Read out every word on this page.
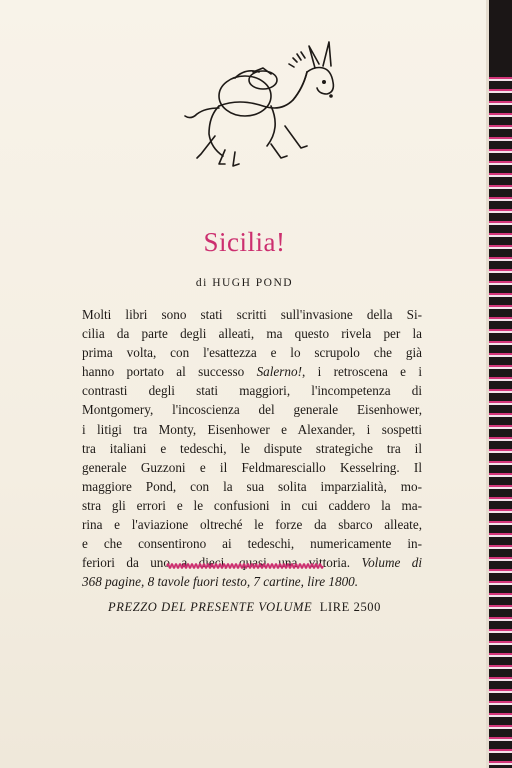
Sicilia!
di HUGH POND
Molti libri sono stati scritti sull'invasione della Si-
cilia da parte degli alleati, ma questo rivela per la
prima volta, con l'esattezza e lo scrupolo che già
hanno portato al successo Salerno!, i retroscena e i
contrasti degli stati maggiori, l'incompetenza di
Montgomery, l'incoscienza del generale Eisenhower,
i litigi tra Monty, Eisenhower e Alexander, i sospetti
tra italiani e tedeschi, le dispute strategiche tra il
generale Guzzoni e il Feldmaresciallo Kesselring. Il
maggiore Pond, con la sua solita imparzialità, mo-
stra gli errori e le confusioni in cui caddero la ma-
rina e l'aviazione oltreché le forze da sbarco alleate,
e che consentirono ai tedeschi, numericamente in-
feriori da uno a dieci, quasi una vittoria. Volume di
368 pagine, 8 tavole fuori testo, 7 cartine, lire 1800.
PREZZO DEL PRESENTE VOLUME LIRE 2500
